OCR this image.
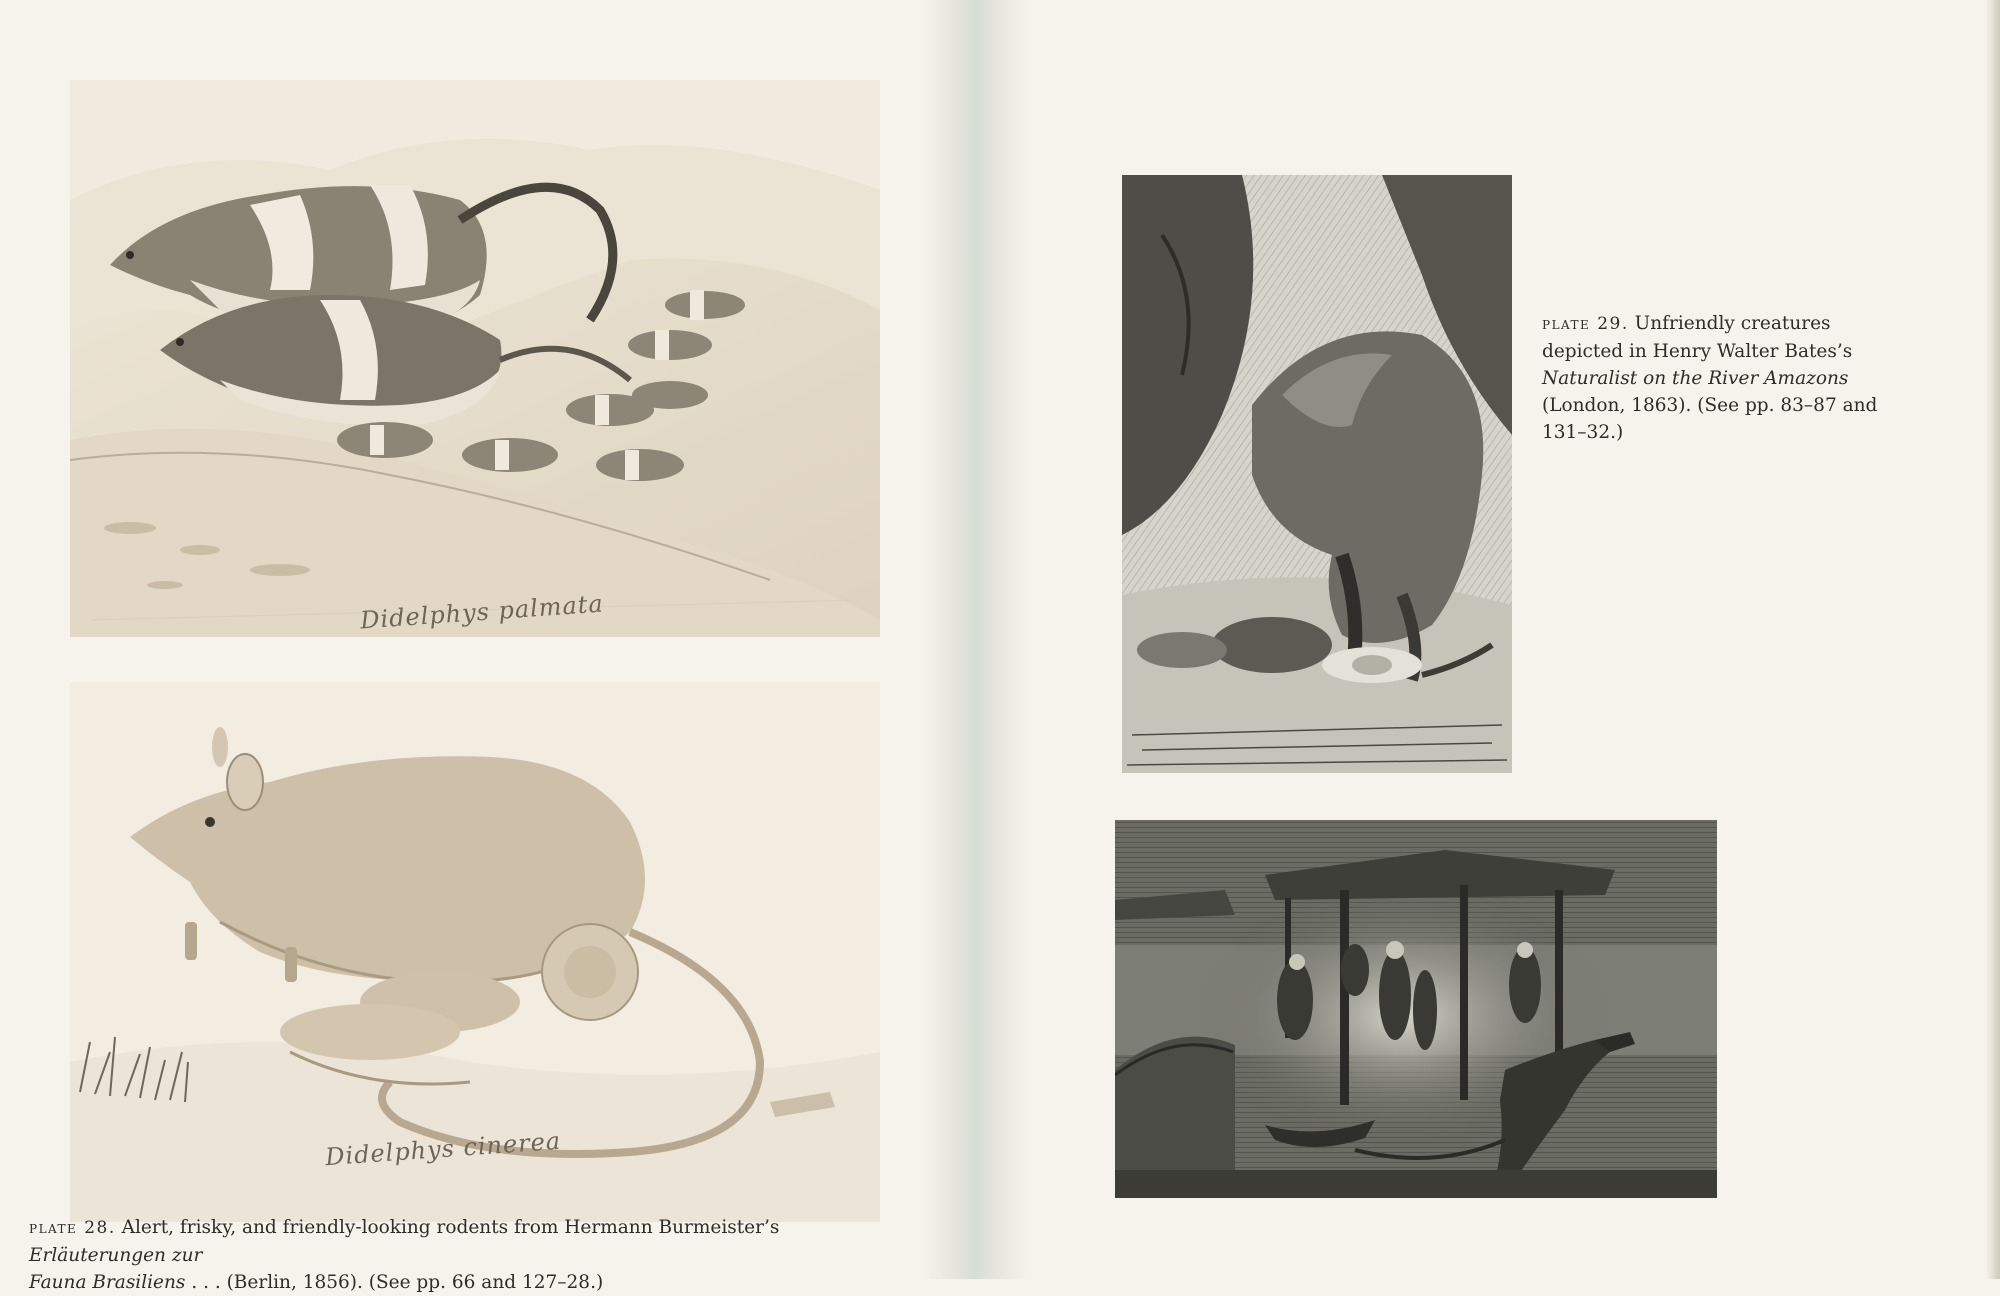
Didelphys palmata
Didelphys cinerea
plate 28. Alert, frisky, and friendly-looking rodents from Hermann Burmeister’s Erläuterungen zur
Fauna Brasiliens . . . (Berlin, 1856). (See pp. 66 and 127–28.)
plate 29. Unfriendly creatures depicted in Henry Walter Bates’s Naturalist on the River Amazons (London, 1863). (See pp. 83–87 and 131–32.)
